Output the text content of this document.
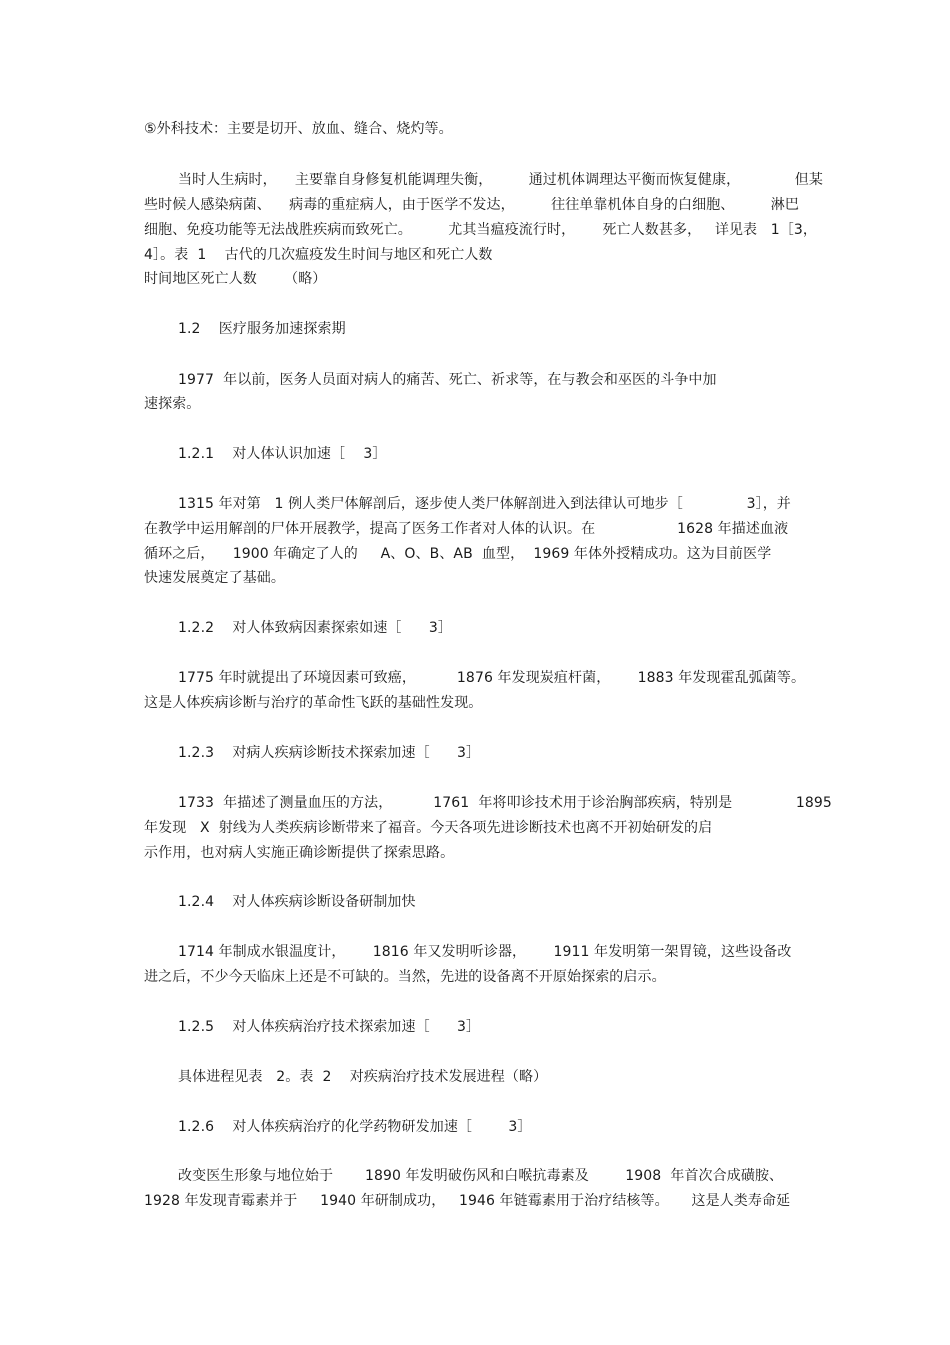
⑤外科技术：主要是切开、放血、缝合、烧灼等。
当时人生病时，    主要靠自身修复机能调理失衡，        通过机体调理达平衡而恢复健康，            但某
些时候人感染病菌、    病毒的重症病人，由于医学不发达，        往往单靠机体自身的白细胞、        淋巴
细胞、免疫功能等无法战胜疾病而致死亡。        尤其当瘟疫流行时，      死亡人数甚多，   详见表   1［3，
4］。表  1    古代的几次瘟疫发生时间与地区和死亡人数
时间地区死亡人数      （略）
1.2    医疗服务加速探索期
1977  年以前，医务人员面对病人的痛苦、死亡、祈求等，在与教会和巫医的斗争中加
速探索。
1.2.1    对人体认识加速［    3］
1315 年对第   1 例人类尸体解剖后，逐步使人类尸体解剖进入到法律认可地步［              3］，并
在教学中运用解剖的尸体开展教学，提高了医务工作者对人体的认识。在                  1628 年描述血液
循环之后，    1900 年确定了人的     A、O、B、AB  血型，  1969 年体外授精成功。这为目前医学
快速发展奠定了基础。
1.2.2    对人体致病因素探索如速［      3］
1775 年时就提出了环境因素可致癌，         1876 年发现炭疽杆菌，      1883 年发现霍乱弧菌等。
这是人体疾病诊断与治疗的革命性飞跃的基础性发现。
1.2.3    对病人疾病诊断技术探索加速［      3］
1733  年描述了测量血压的方法，         1761  年将叩诊技术用于诊治胸部疾病，特别是              1895
年发现   X  射线为人类疾病诊断带来了福音。今天各项先进诊断技术也离不开初始研发的启
示作用，也对病人实施正确诊断提供了探索思路。
1.2.4    对人体疾病诊断设备研制加快
1714 年制成水银温度计，      1816 年又发明听诊器，      1911 年发明第一架胃镜，这些设备改
进之后，不少今天临床上还是不可缺的。当然，先进的设备离不开原始探索的启示。
1.2.5    对人体疾病治疗技术探索加速［      3］
具体进程见表   2。表  2    对疾病治疗技术发展进程（略）
1.2.6    对人体疾病治疗的化学药物研发加速［        3］
改变医生形象与地位始于       1890 年发明破伤风和白喉抗毒素及        1908  年首次合成磺胺、
1928 年发现青霉素并于     1940 年研制成功，   1946 年链霉素用于治疗结核等。     这是人类寿命延
